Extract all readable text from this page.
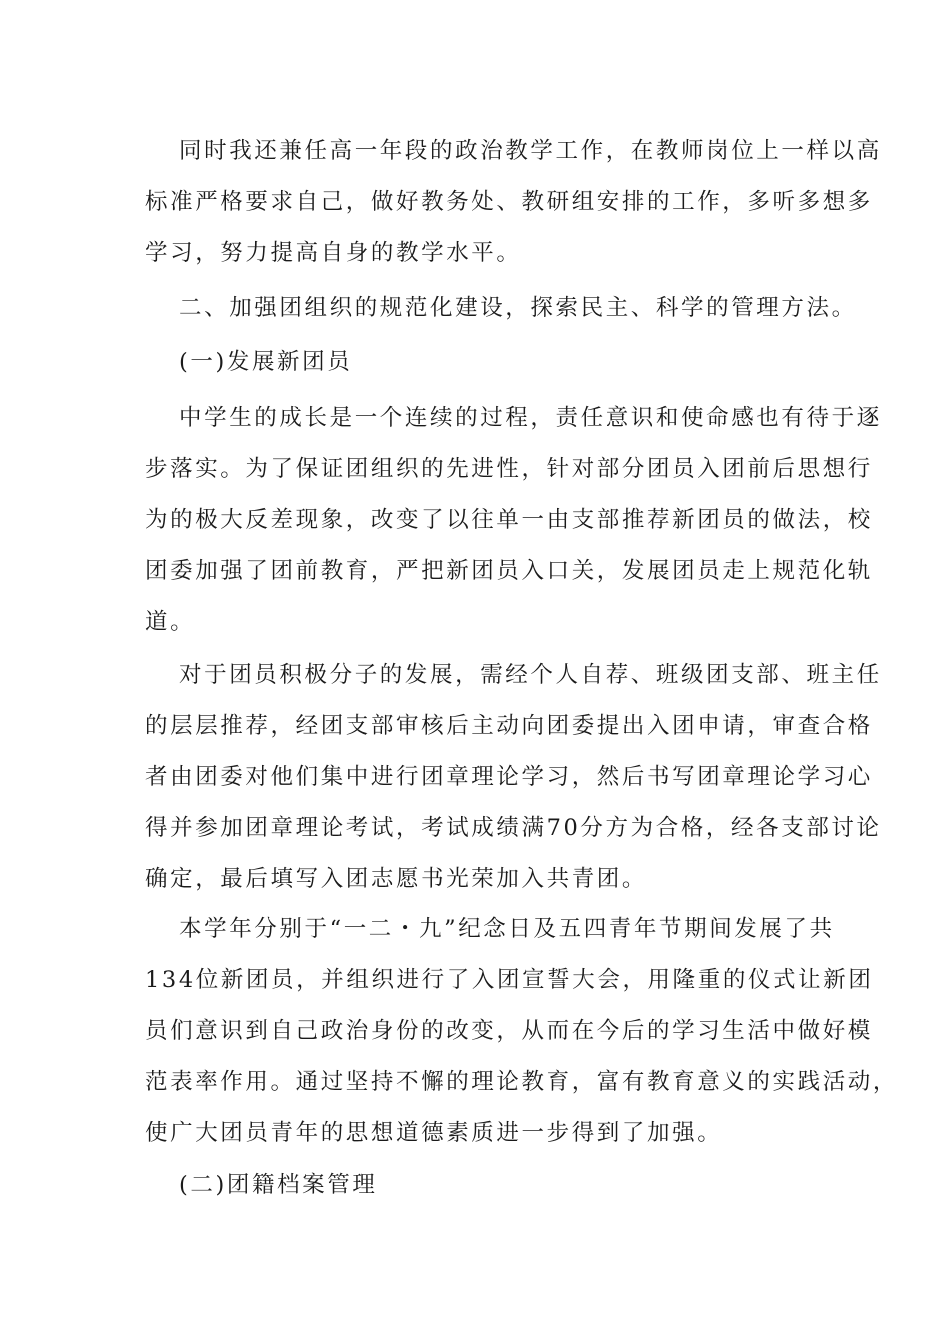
同时我还兼任高一年段的政治教学工作，在教师岗位上一样以高
标准严格要求自己，做好教务处、教研组安排的工作，多听多想多
学习，努力提高自身的教学水平。
二、加强团组织的规范化建设，探索民主、科学的管理方法。
(一)发展新团员
中学生的成长是一个连续的过程，责任意识和使命感也有待于逐
步落实。为了保证团组织的先进性，针对部分团员入团前后思想行
为的极大反差现象，改变了以往单一由支部推荐新团员的做法，校
团委加强了团前教育，严把新团员入口关，发展团员走上规范化轨
道。
对于团员积极分子的发展，需经个人自荐、班级团支部、班主任
的层层推荐，经团支部审核后主动向团委提出入团申请，审查合格
者由团委对他们集中进行团章理论学习，然后书写团章理论学习心
得并参加团章理论考试，考试成绩满70分方为合格，经各支部讨论
确定，最后填写入团志愿书光荣加入共青团。
本学年分别于“一二・九”纪念日及五四青年节期间发展了共
134位新团员，并组织进行了入团宣誓大会，用隆重的仪式让新团
员们意识到自己政治身份的改变，从而在今后的学习生活中做好模
范表率作用。通过坚持不懈的理论教育，富有教育意义的实践活动，
使广大团员青年的思想道德素质进一步得到了加强。
(二)团籍档案管理
